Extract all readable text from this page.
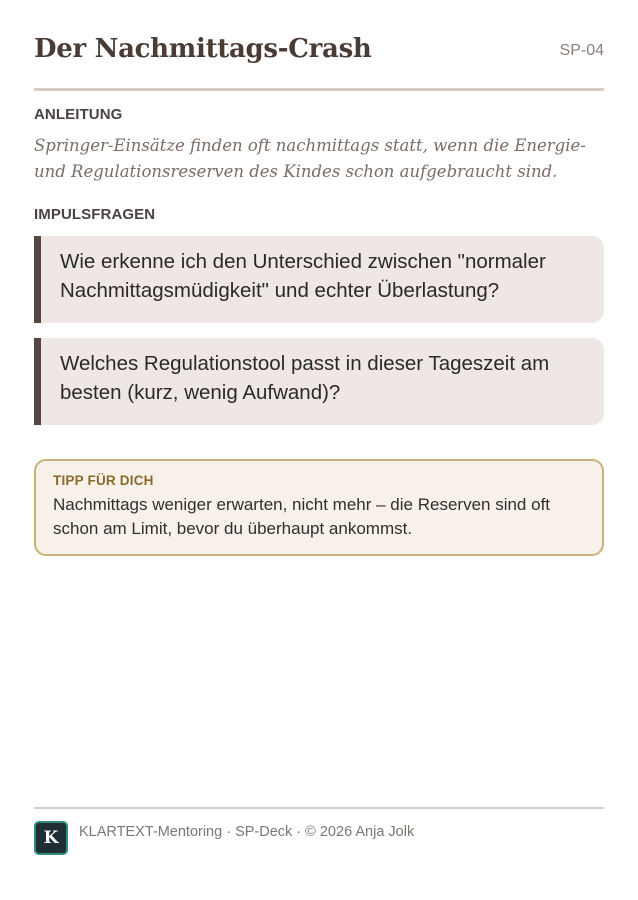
Der Nachmittags-Crash	SP-04
ANLEITUNG
Springer-Einsätze finden oft nachmittags statt, wenn die Energie- und Regulationsreserven des Kindes schon aufgebraucht sind.
IMPULSFRAGEN
Wie erkenne ich den Unterschied zwischen "normaler Nachmittagsmüdigkeit" und echter Überlastung?
Welches Regulationstool passt in dieser Tageszeit am besten (kurz, wenig Aufwand)?
TIPP FÜR DICH
Nachmittags weniger erwarten, nicht mehr – die Reserven sind oft schon am Limit, bevor du überhaupt ankommst.
K	KLARTEXT-Mentoring · SP-Deck · © 2026 Anja Jolk
